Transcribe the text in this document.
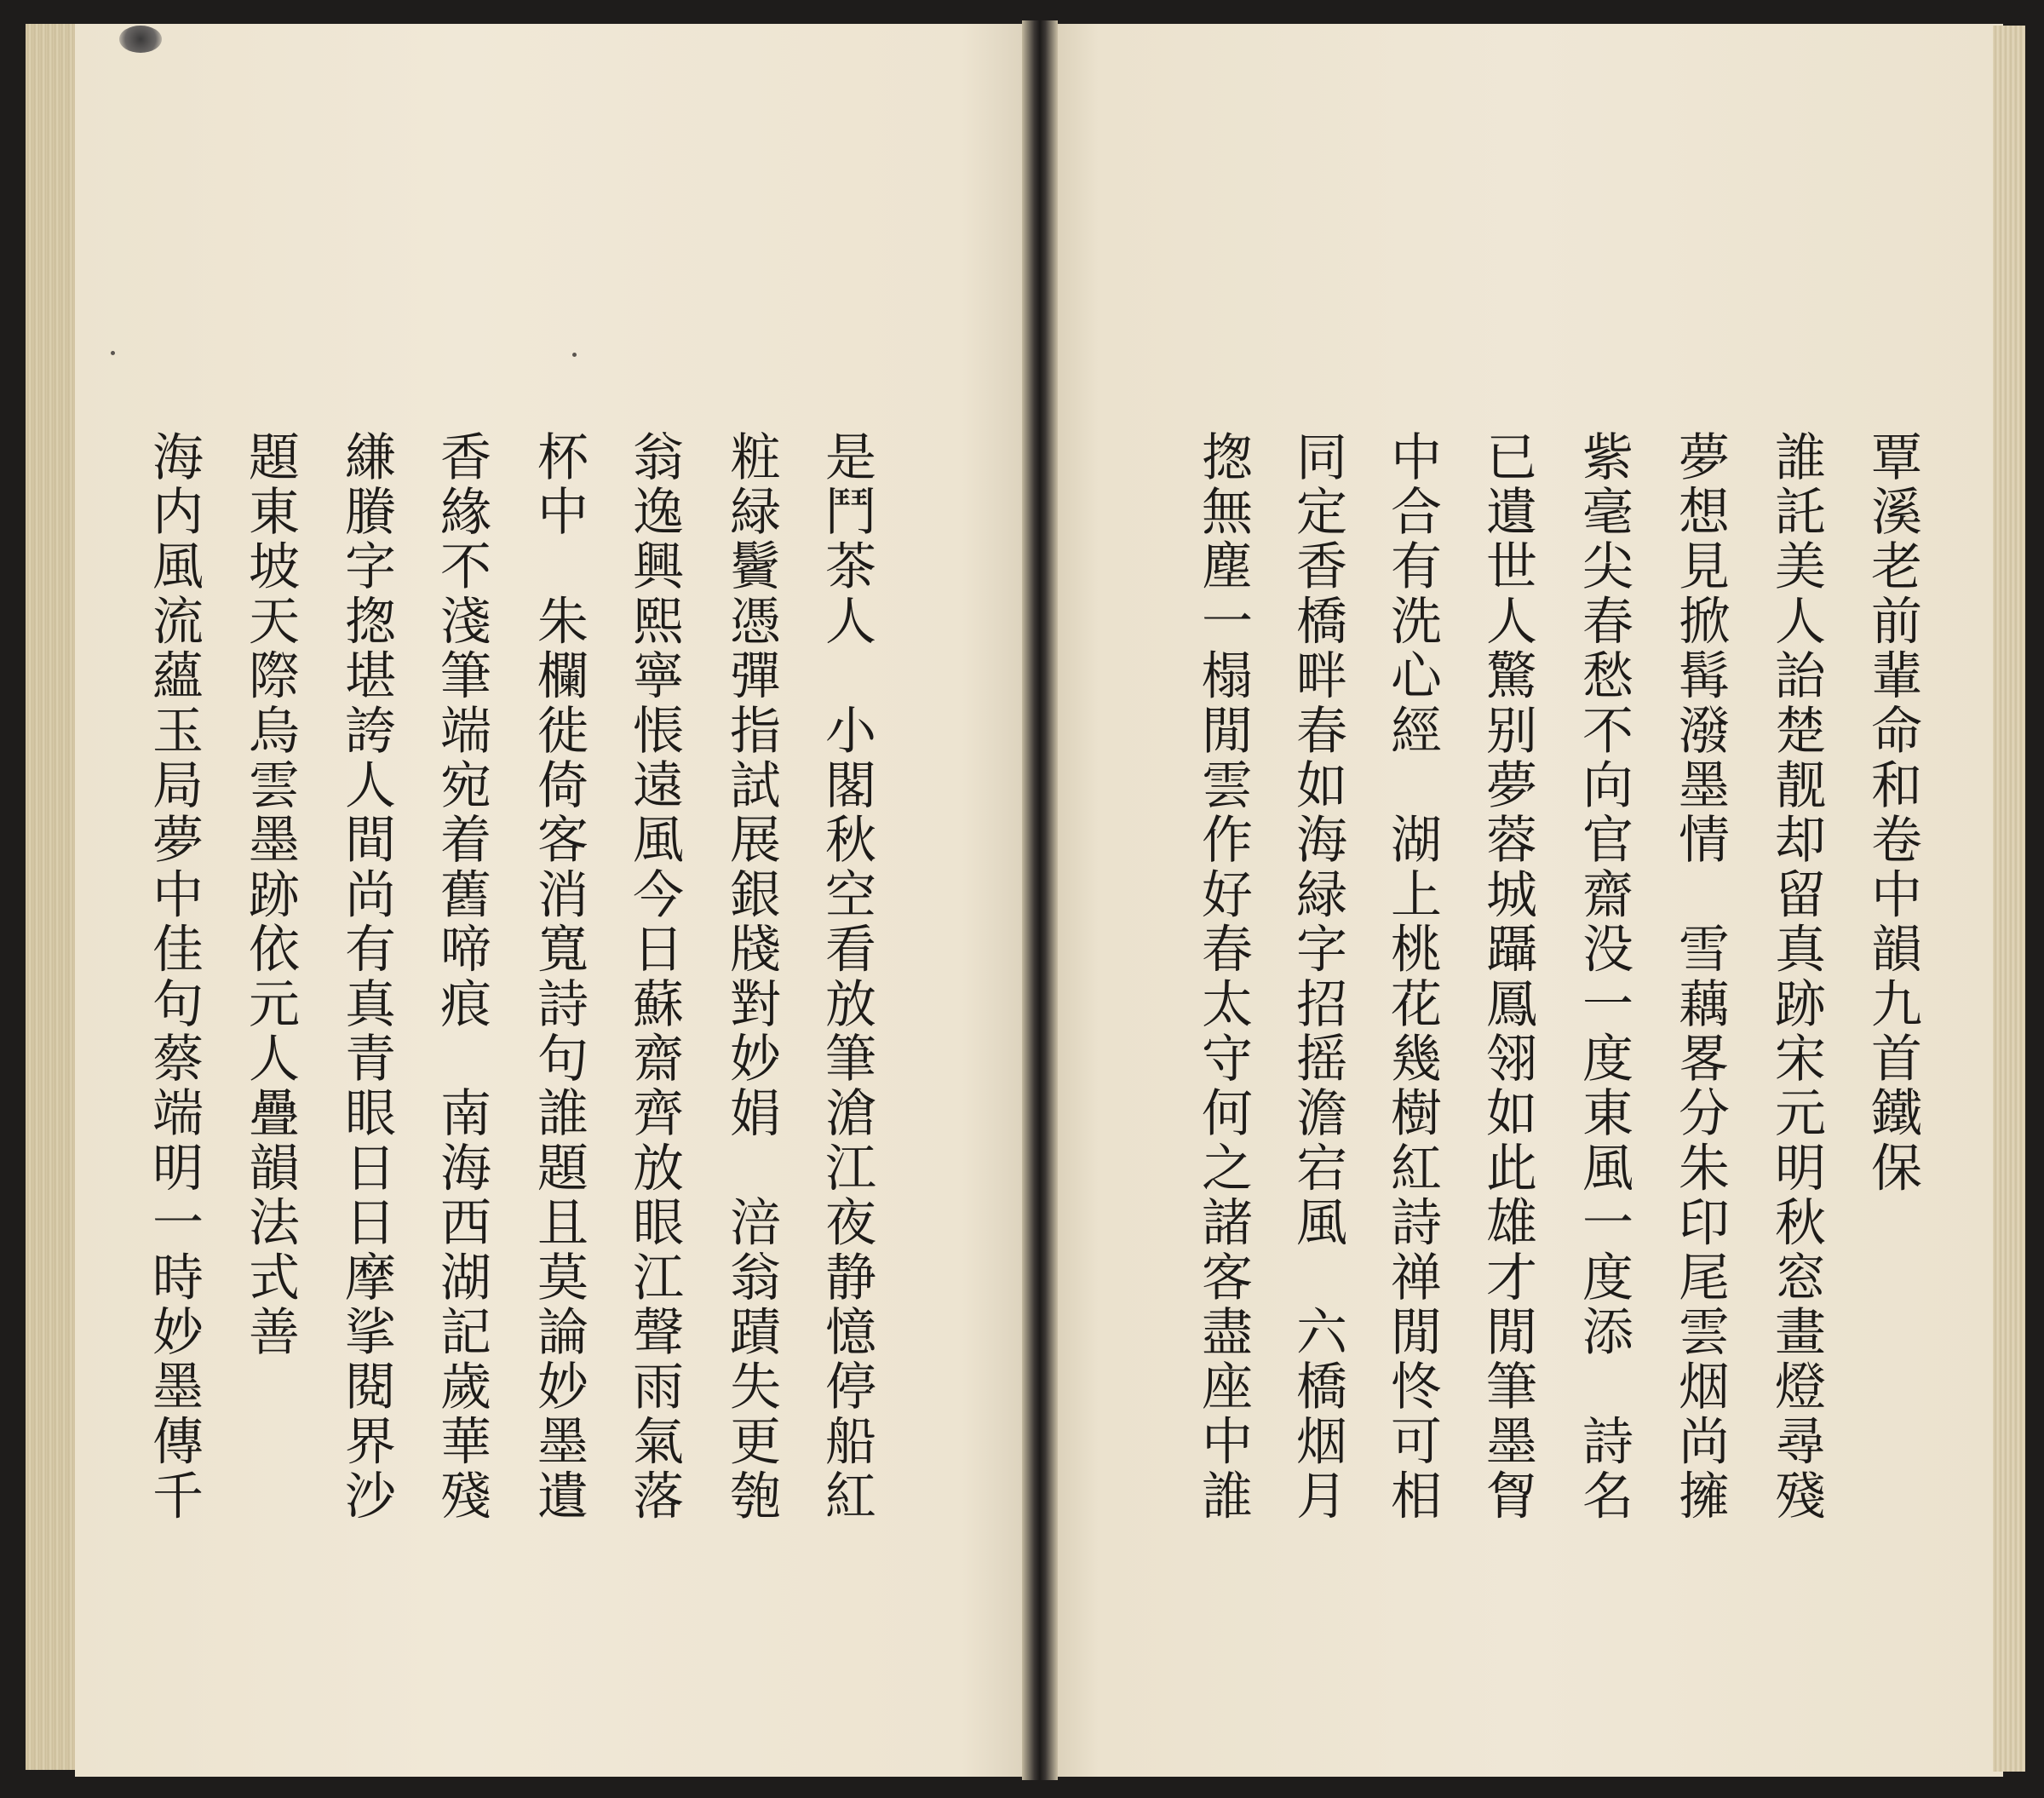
覃溪老前輩命和卷中韻九首鐵保
誰託美人詒楚靓却留真跡宋元明秋窓畫燈尋殘
夢想見掀髯潑墨情　雪藕畧分朱印尾雲烟尚擁
紫毫尖春愁不向官齋没一度東風一度添　詩名
已遺世人驚别夢蓉城躡鳳翎如此雄才閒筆墨胷
中合有洗心經　湖上桃花幾樹紅詩禅閒㤏可相
同定香橋畔春如海緑字招摇澹宕風　六橋烟月
揔無塵一榻閒雲作好春太守何之諸客盡座中誰
是鬥茶人　小閣秋空看放筆滄江夜静憶停船紅
粧緑鬢憑彈指試展銀牋對妙娟　涪翁蹟失更匏
翁逸興熙寧悵遠風今日蘇齋齊放眼江聲雨氣落
杯中　朱欄徙倚客消寬詩句誰題且莫論妙墨遺
香緣不淺筆端宛着舊啼痕　南海西湖記歲華殘
縑賸字揔堪誇人間尚有真青眼日日摩挲閱界沙
題東坡天際烏雲墨跡依元人疊韻法式善
海内風流蘊玉局夢中佳句蔡端明一時妙墨傳千
